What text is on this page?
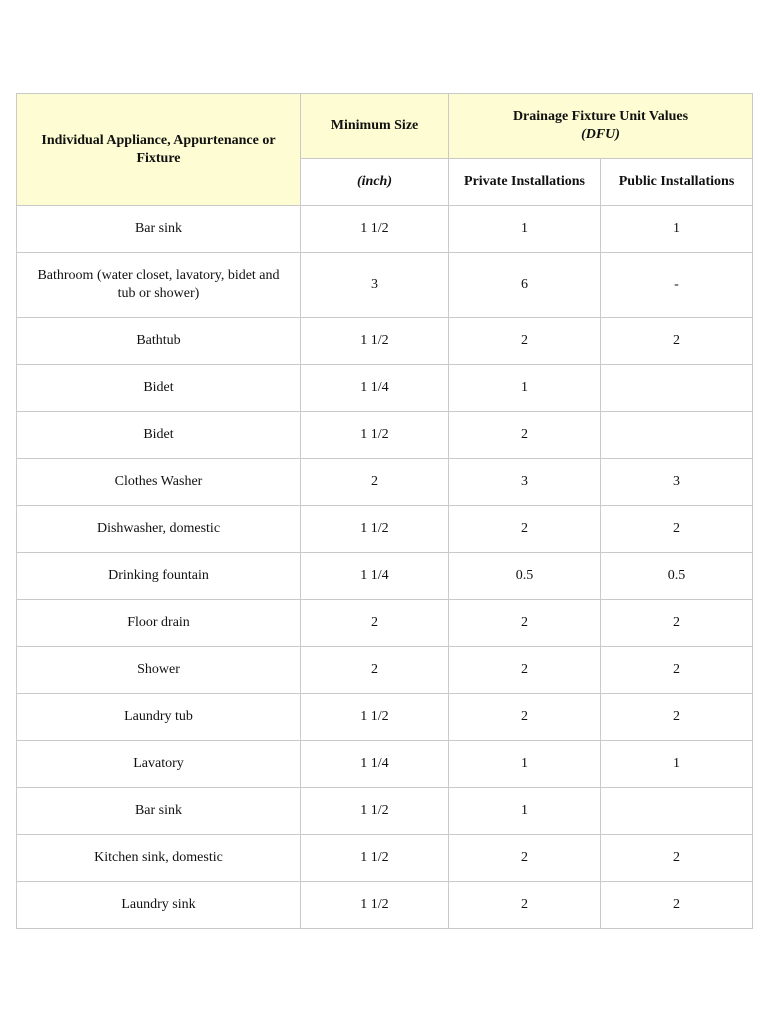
Individual Appliance, Appurtenance or Fixture	Minimum Size	Drainage Fixture Unit Values
(DFU)	

	(inch)	Private Installations	Public Installations
Bar sink	1 1/2	1	1
Bathroom (water closet, lavatory, bidet and tub or shower)	3	6	-
Bathtub	1 1/2	2	2
Bidet	1 1/4	1	
Bidet	1 1/2	2	
Clothes Washer	2	3	3
Dishwasher, domestic	1 1/2	2	2
Drinking fountain	1 1/4	0.5	0.5
Floor drain	2	2	2
Shower	2	2	2
Laundry tub	1 1/2	2	2
Lavatory	1 1/4	1	1
Bar sink	1 1/2	1	
Kitchen sink, domestic	1 1/2	2	2
Laundry sink	1 1/2	2	2
